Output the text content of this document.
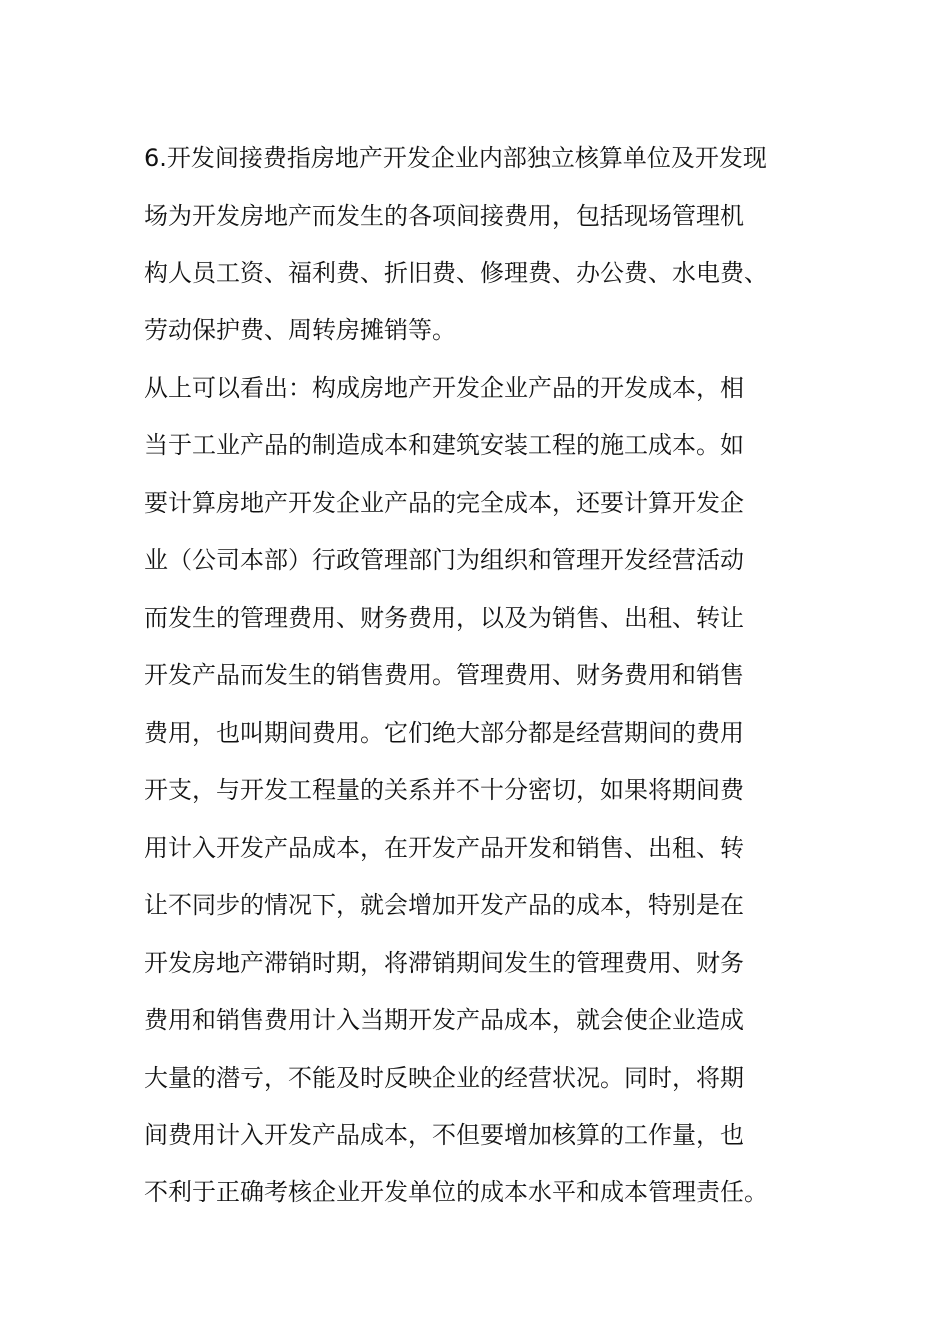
6.开发间接费指房地产开发企业内部独立核算单位及开发现
场为开发房地产而发生的各项间接费用，包括现场管理机
构人员工资、福利费、折旧费、修理费、办公费、水电费、
劳动保护费、周转房摊销等。
从上可以看出：构成房地产开发企业产品的开发成本，相
当于工业产品的制造成本和建筑安装工程的施工成本。如
要计算房地产开发企业产品的完全成本，还要计算开发企
业（公司本部）行政管理部门为组织和管理开发经营活动
而发生的管理费用、财务费用，以及为销售、出租、转让
开发产品而发生的销售费用。管理费用、财务费用和销售
费用，也叫期间费用。它们绝大部分都是经营期间的费用
开支，与开发工程量的关系并不十分密切，如果将期间费
用计入开发产品成本，在开发产品开发和销售、出租、转
让不同步的情况下，就会增加开发产品的成本，特别是在
开发房地产滞销时期，将滞销期间发生的管理费用、财务
费用和销售费用计入当期开发产品成本，就会使企业造成
大量的潜亏，不能及时反映企业的经营状况。同时，将期
间费用计入开发产品成本，不但要增加核算的工作量，也
不利于正确考核企业开发单位的成本水平和成本管理责任。
